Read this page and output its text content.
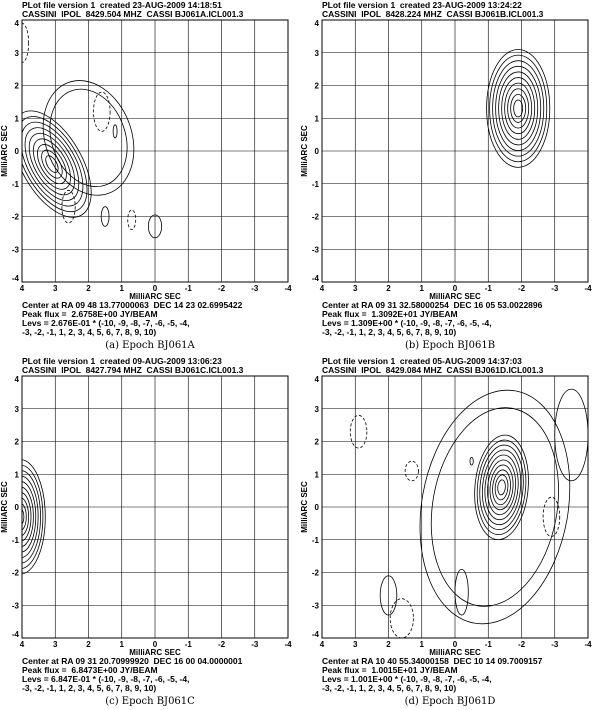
PLot file version 1  created 23-AUG-2009 14:18:51
CASSINI  IPOL  8429.504 MHZ  CASSI BJ061A.ICL001.3
Center at RA 09 48 13.77000063  DEC 14 23 02.6995422
Peak flux =  2.6758E+00 JY/BEAM
Levs = 2.676E-01 * (-10, -9, -8, -7, -6, -5, -4,
-3, -2, -1, 1, 2, 3, 4, 5, 6, 7, 8, 9, 10)
(a) Epoch BJ061A
4
-4
3
-3
2
-2
1
-1
0
0
-1
1
-2
2
-3
3
-4
4
MilliARC SEC
MilliARC SEC
PLot file version 1  created 23-AUG-2009 13:24:22
CASSINI  IPOL  8428.224 MHZ  CASSI BJ061B.ICL001.3
Center at RA 09 31 32.58000254  DEC 16 05 53.0022896
Peak flux =  1.3092E+01 JY/BEAM
Levs = 1.309E+00 * (-10, -9, -8, -7, -6, -5, -4,
-3, -2, -1, 1, 2, 3, 4, 5, 6, 7, 8, 9, 10)
(b) Epoch BJ061B
4
-4
3
-3
2
-2
1
-1
0
0
-1
1
-2
2
-3
3
-4
4
MilliARC SEC
MilliARC SEC
PLot file version 1  created 09-AUG-2009 13:06:23
CASSINI  IPOL  8427.794 MHZ  CASSI BJ061C.ICL001.3
Center at RA 09 31 20.70999920  DEC 16 00 04.0000001
Peak flux =  6.8473E+00 JY/BEAM
Levs = 6.847E-01 * (-10, -9, -8, -7, -6, -5, -4,
-3, -2, -1, 1, 2, 3, 4, 5, 6, 7, 8, 9, 10)
(c) Epoch BJ061C
4
-4
3
-3
2
-2
1
-1
0
0
-1
1
-2
2
-3
3
-4
4
MilliARC SEC
MilliARC SEC
PLot file version 1  created 05-AUG-2009 14:37:03
CASSINI  IPOL  8429.084 MHZ  CASSI BJ061D.ICL001.3
Center at RA 10 40 55.34000158  DEC 10 14 09.7009157
Peak flux =  1.0015E+01 JY/BEAM
Levs = 1.001E+00 * (-10, -9, -8, -7, -6, -5, -4,
-3, -2, -1, 1, 2, 3, 4, 5, 6, 7, 8, 9, 10)
(d) Epoch BJ061D
4
-4
3
-3
2
-2
1
-1
0
0
-1
1
-2
2
-3
3
-4
4
MilliARC SEC
MilliARC SEC
